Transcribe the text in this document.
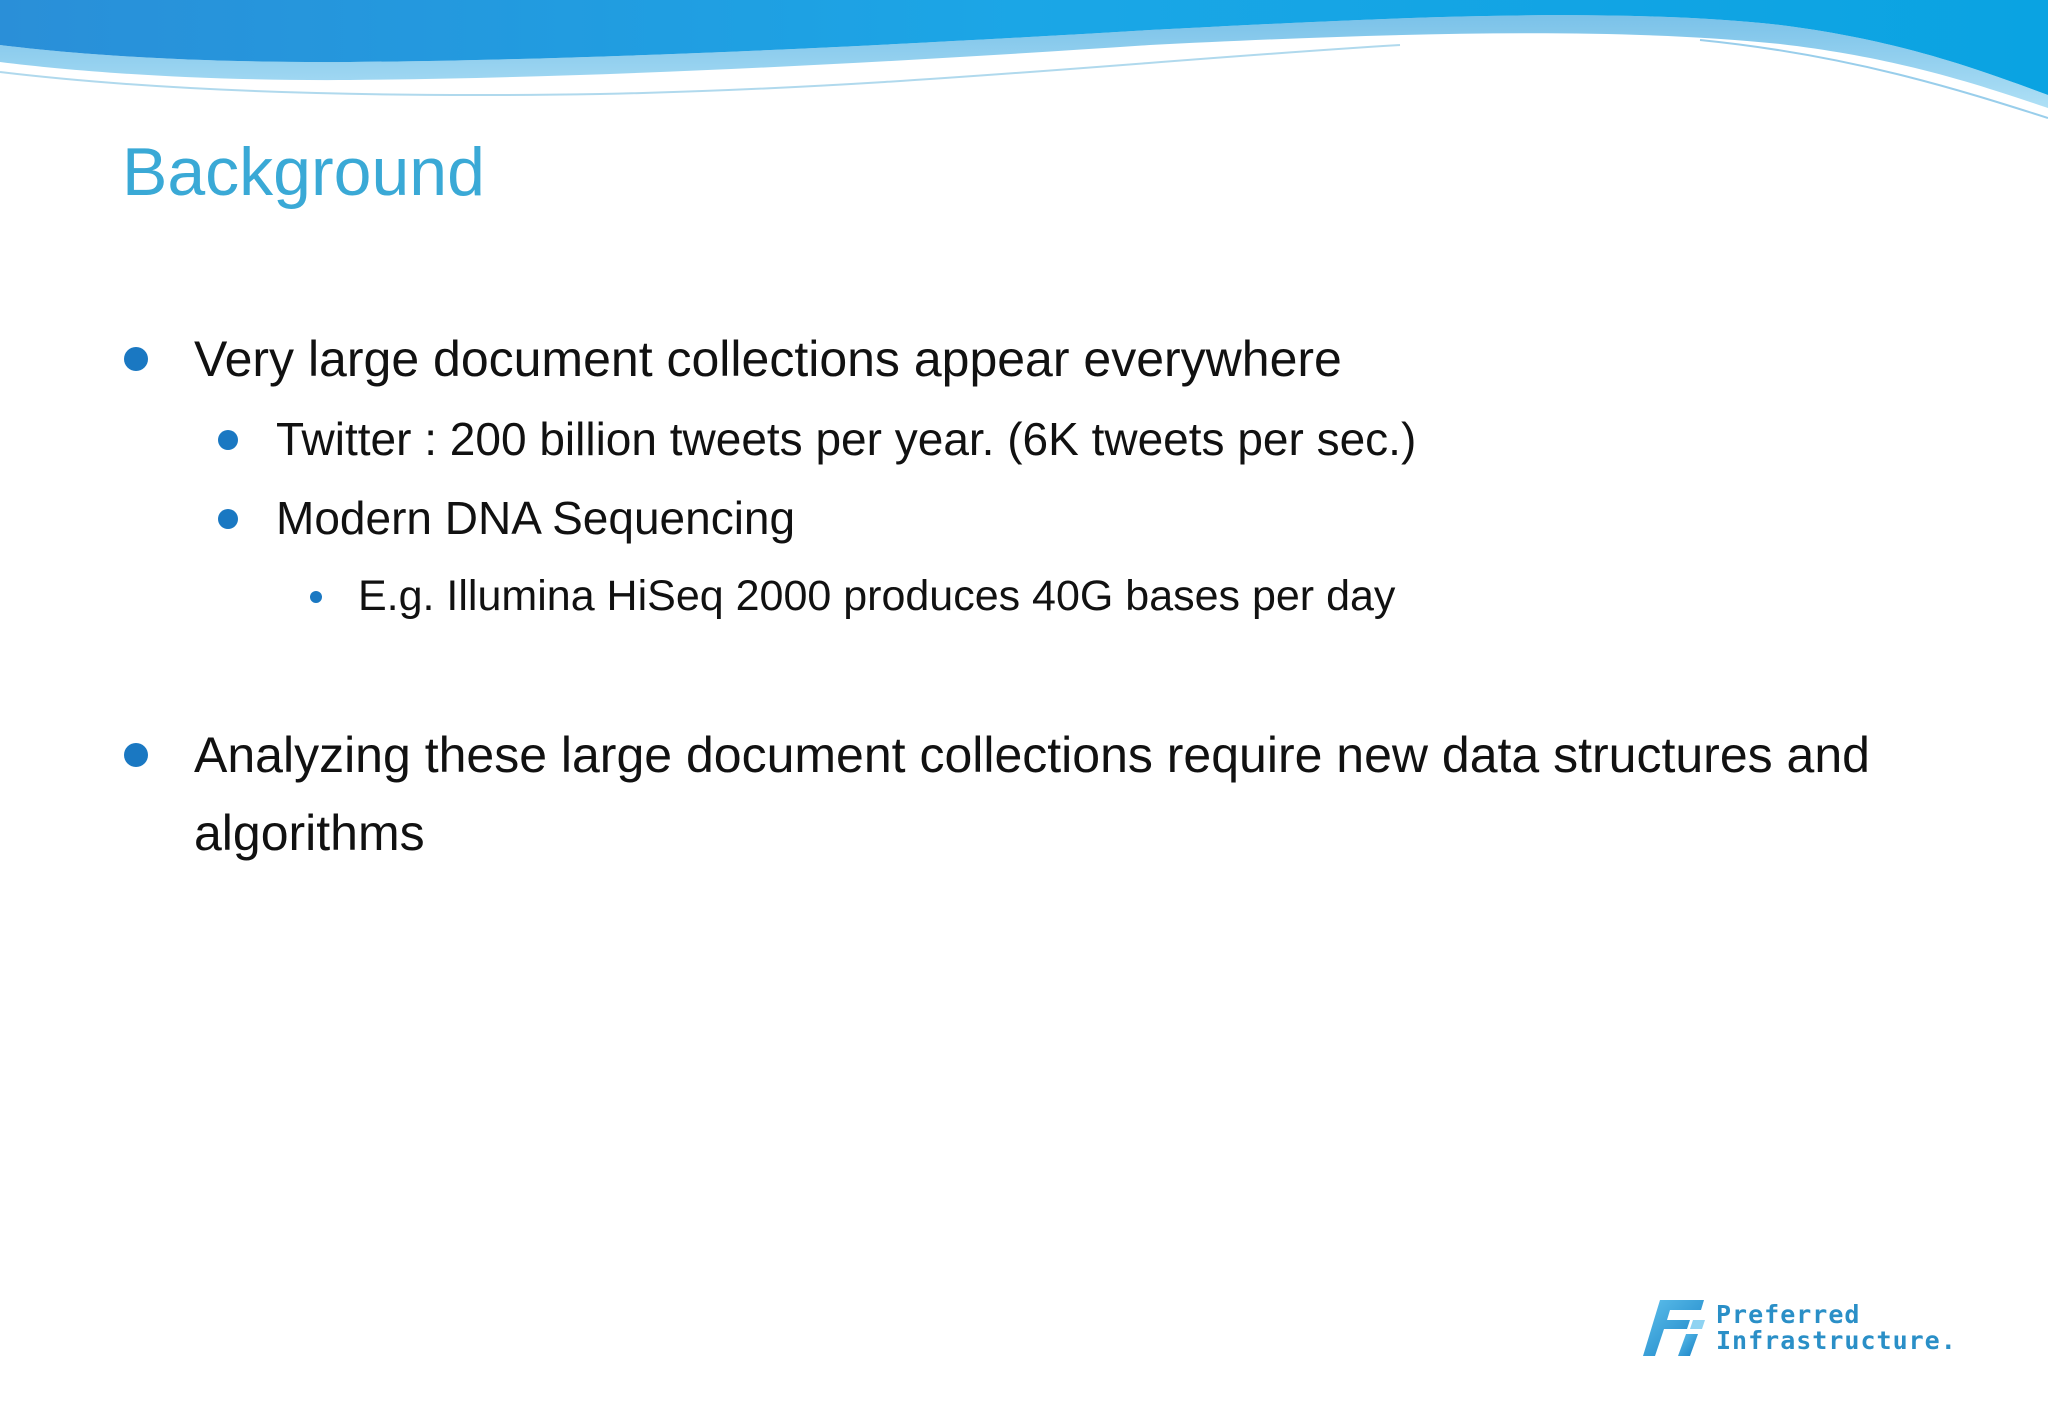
Background
Very large document collections appear everywhere
Twitter : 200 billion tweets per year. (6K tweets per sec.)
Modern DNA Sequencing
E.g. Illumina HiSeq 2000 produces 40G bases per day
Analyzing these large document collections require new data structures and algorithms
Preferred
Infrastructure.
